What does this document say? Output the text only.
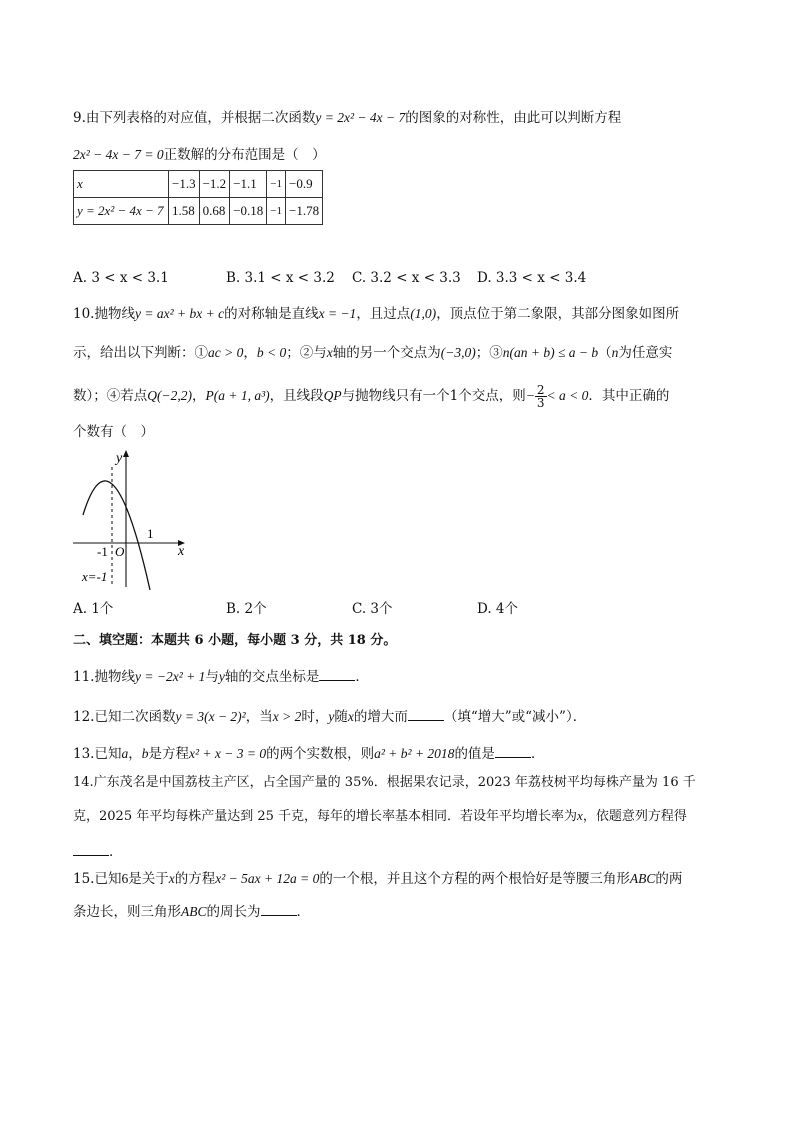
9.由下列表格的对应值，并根据二次函数y = 2x² − 4x − 7的图象的对称性，由此可以判断方程
2x² − 4x − 7 = 0正数解的分布范围是（　）
x	−1.3	−1.2	−1.1	−1	−0.9
y = 2x² − 4x − 7	1.58	0.68	−0.18	−1	−1.78
A. 3 < x < 3.1	B. 3.1 < x < 3.2 C. 3.2 < x < 3.3 D. 3.3 < x < 3.4
10.抛物线y = ax² + bx + c的对称轴是直线x = −1，且过点(1,0)，顶点位于第二象限，其部分图象如图所
示，给出以下判断：①ac > 0，b < 0；②与x轴的另一个交点为(−3,0)；③n(an + b) ≤ a − b（n为任意实
数）；④若点Q(−2,2)，P(a + 1, a³)，且线段QP与抛物线只有一个1个交点，则− $\frac{2}{3} < a < 0$．其中正确的
个数有（　）
y
x
1
-1 O
x=-1
A. 1个	B. 2个	C. 3个	D. 4个
二、填空题：本题共 6 小题，每小题 3 分，共 18 分。
11.抛物线y = −2x² + 1与y轴的交点坐标是	．
12.已知二次函数y = 3(x − 2)²，当x > 2时，y随x的增大而	（填“增大”或“减小”）．
13.已知a，b是方程x² + x − 3 = 0的两个实数根，则a² + b² + 2018的值是	．
14.广东茂名是中国荔枝主产区，占全国产量的 35%．根据果农记录，2023 年荔枝树平均每株产量为 16 千
克，2025 年平均每株产量达到 25 千克，每年的增长率基本相同．若设年平均增长率为x，依题意列方程得
．
15.已知6是关于x的方程x² − 5ax + 12a = 0的一个根，并且这个方程的两个根恰好是等腰三角形ABC的两
条边长，则三角形ABC的周长为	．
